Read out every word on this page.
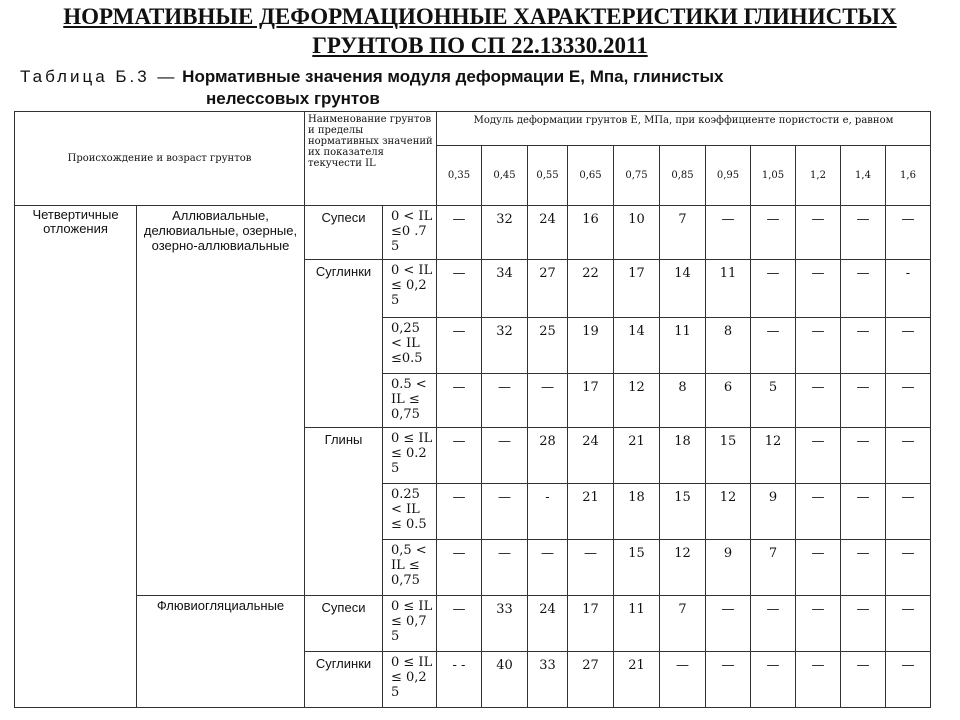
НОРМАТИВНЫЕ ДЕФОРМАЦИОННЫЕ ХАРАКТЕРИСТИКИ ГЛИНИСТЫХ
ГРУНТОВ ПО СП 22.13330.2011
Таблица Б.3 — Нормативные значения модуля деформации E, Мпа, глинистых
нелессовых грунтов
Происхождение и возраст грунтов		Наименование грунтов и пределы нормативных значений их показателя текучести IL		Модуль деформации грунтов E, МПа, при коэффициенте пористости e, равном										
				0,35	0,45	0,55	0,65	0,75	0,85	0,95	1,05	1,2	1,4	1,6
Четвертичные отложения	Аллювиальные, делювиальные, озерные, озерно-аллювиальные	Супеси	0 < IL ≤0 .75	—	32	24	16	10	7	—	—	—	—	—
		Суглинки	0 < IL ≤ 0,25	—	34	27	22	17	14	11	—	—	—	-
			0,25 < IL ≤0.5	—	32	25	19	14	11	8	—	—	—	—
			0.5 < IL ≤ 0,75	—	—	—	17	12	8	6	5	—	—	—
		Глины	0 ≤ IL ≤ 0.25	—	—	28	24	21	18	15	12	—	—	—
			0.25 < IL ≤ 0.5	—	—	-	21	18	15	12	9	—	—	—
			0,5 < IL ≤ 0,75	—	—	—	—	15	12	9	7	—	—	—
	Флювиогляциальные	Супеси	0 ≤ IL ≤ 0,75	—	33	24	17	11	7	—	—	—	—	—
		Суглинки	0 ≤ IL ≤ 0,25	- -	40	33	27	21	—	—	—	—	—	—
